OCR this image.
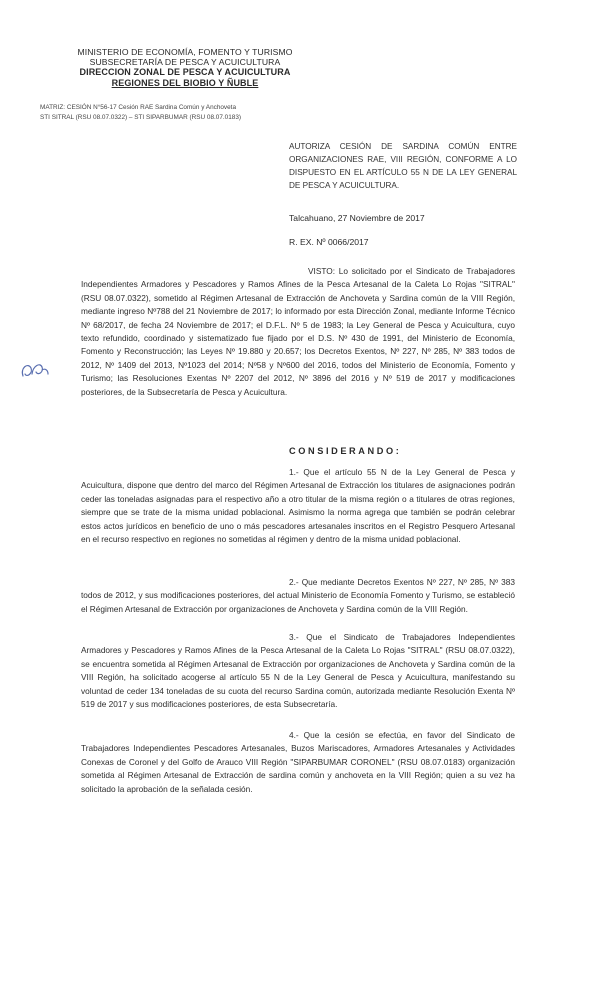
MINISTERIO DE ECONOMÍA, FOMENTO Y TURISMO
SUBSECRETARÍA DE PESCA Y ACUICULTURA
DIRECCION ZONAL DE PESCA Y ACUICULTURA
REGIONES DEL BIOBIO Y ÑUBLE
MATRIZ: CESIÓN N°56-17 Cesión RAE Sardina Común y Anchoveta
STI SITRAL (RSU 08.07.0322) – STI SIPARBUMAR (RSU 08.07.0183)
AUTORIZA CESIÓN DE SARDINA COMÚN ENTRE ORGANIZACIONES RAE, VIII REGIÓN, CONFORME A LO DISPUESTO EN EL ARTÍCULO 55 N DE LA LEY GENERAL DE PESCA Y ACUICULTURA.
Talcahuano, 27 Noviembre de 2017
R. EX. Nº 0066/2017
VISTO: Lo solicitado por el Sindicato de Trabajadores Independientes Armadores y Pescadores y Ramos Afines de la Pesca Artesanal de la Caleta Lo Rojas "SITRAL" (RSU 08.07.0322), sometido al Régimen Artesanal de Extracción de Anchoveta y Sardina común de la VIII Región, mediante ingreso Nº788 del 21 Noviembre de 2017; lo informado por esta Dirección Zonal, mediante Informe Técnico Nº 68/2017, de fecha 24 Noviembre de 2017; el D.F.L. Nº 5 de 1983; la Ley General de Pesca y Acuicultura, cuyo texto refundido, coordinado y sistematizado fue fijado por el D.S. Nº 430 de 1991, del Ministerio de Economía, Fomento y Reconstrucción; las Leyes Nº 19.880 y 20.657; los Decretos Exentos, Nº 227, Nº 285, Nº 383 todos de 2012, Nº 1409 del 2013, Nº1023 del 2014; Nº58 y Nº600 del 2016, todos del Ministerio de Economía, Fomento y Turismo; las Resoluciones Exentas Nº 2207 del 2012, Nº 3896 del 2016 y Nº 519 de 2017 y modificaciones posteriores, de la Subsecretaría de Pesca y Acuicultura.
CONSIDERANDO:
1.- Que el artículo 55 N de la Ley General de Pesca y Acuicultura, dispone que dentro del marco del Régimen Artesanal de Extracción los titulares de asignaciones podrán ceder las toneladas asignadas para el respectivo año a otro titular de la misma región o a titulares de otras regiones, siempre que se trate de la misma unidad poblacional. Asimismo la norma agrega que también se podrán celebrar estos actos jurídicos en beneficio de uno o más pescadores artesanales inscritos en el Registro Pesquero Artesanal en el recurso respectivo en regiones no sometidas al régimen y dentro de la misma unidad poblacional.
2.- Que mediante Decretos Exentos Nº 227, Nº 285, Nº 383 todos de 2012, y sus modificaciones posteriores, del actual Ministerio de Economía Fomento y Turismo, se estableció el Régimen Artesanal de Extracción por organizaciones de Anchoveta y Sardina común de la VIII Región.
3.- Que el Sindicato de Trabajadores Independientes Armadores y Pescadores y Ramos Afines de la Pesca Artesanal de la Caleta Lo Rojas "SITRAL" (RSU 08.07.0322), se encuentra sometida al Régimen Artesanal de Extracción por organizaciones de Anchoveta y Sardina común de la VIII Región, ha solicitado acogerse al artículo 55 N de la Ley General de Pesca y Acuicultura, manifestando su voluntad de ceder 134 toneladas de su cuota del recurso Sardina común, autorizada mediante Resolución Exenta Nº 519 de 2017 y sus modificaciones posteriores, de esta Subsecretaría.
4.- Que la cesión se efectúa, en favor del Sindicato de Trabajadores Independientes Pescadores Artesanales, Buzos Mariscadores, Armadores Artesanales y Actividades Conexas de Coronel y del Golfo de Arauco VIII Región "SIPARBUMAR CORONEL" (RSU 08.07.0183) organización sometida al Régimen Artesanal de Extracción de sardina común y anchoveta en la VIII Región; quien a su vez ha solicitado la aprobación de la señalada cesión.
